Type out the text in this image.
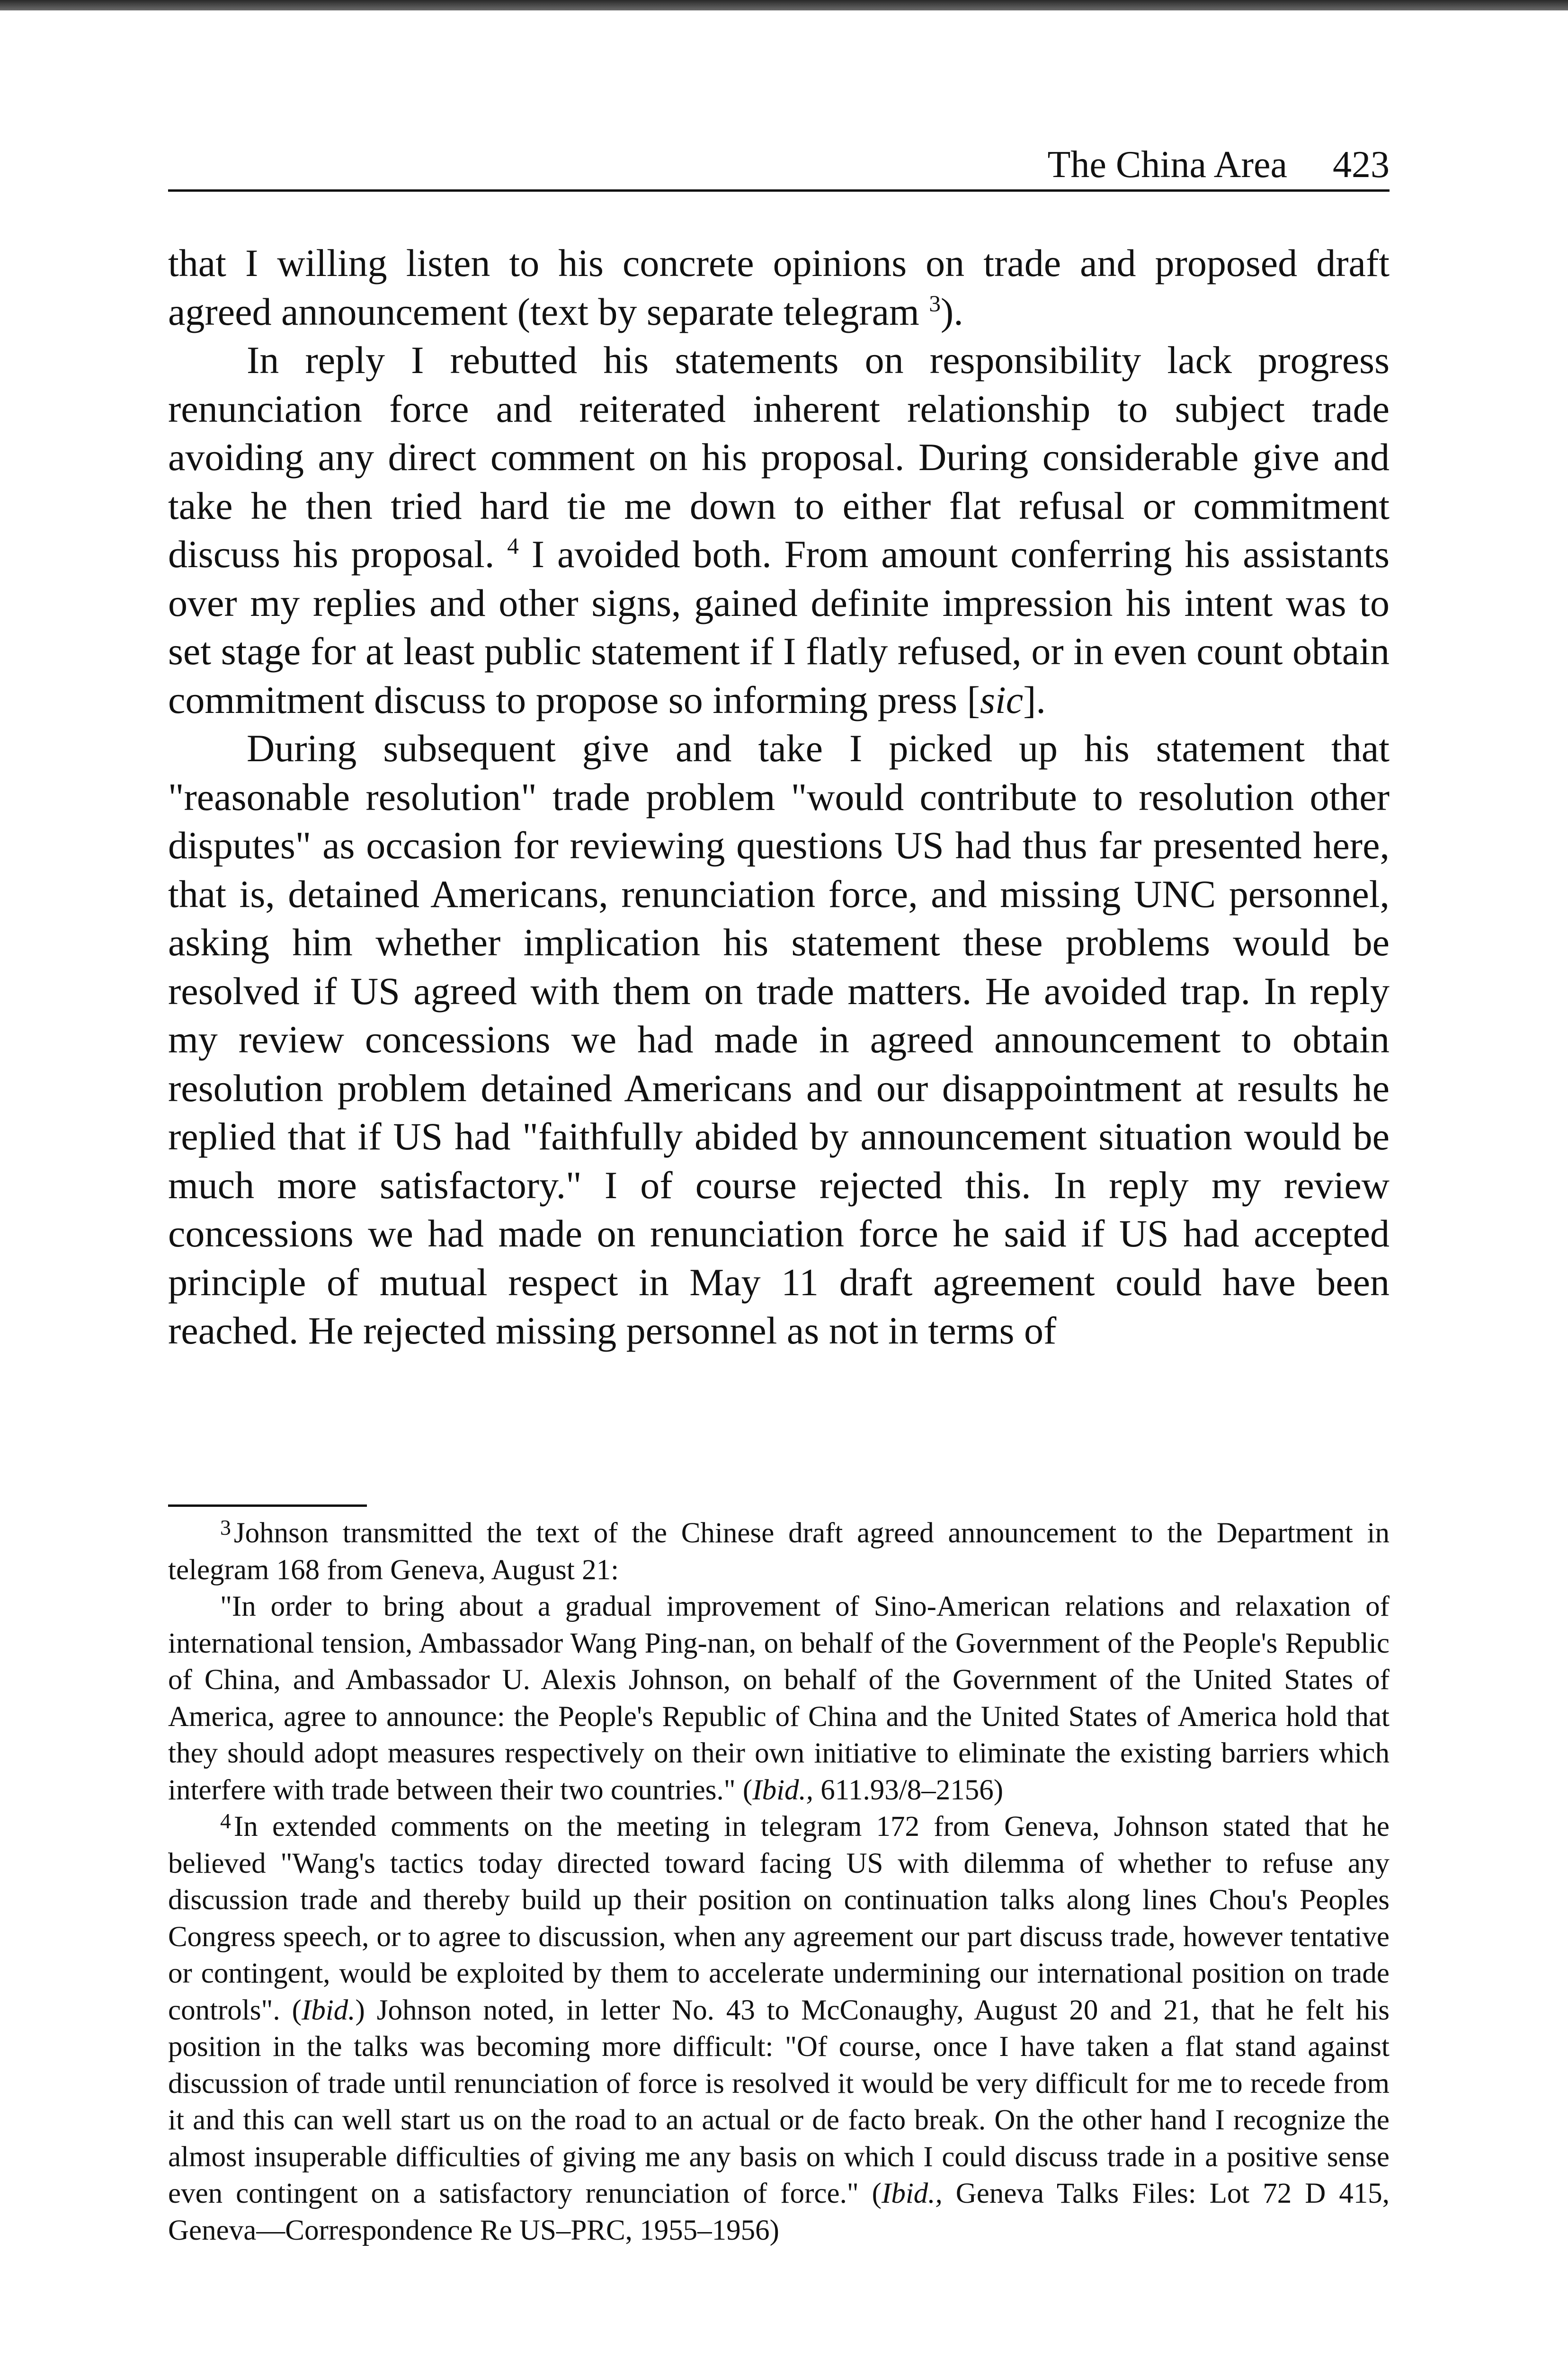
The China Area 423

that I willing listen to his concrete opinions on trade and proposed draft agreed announcement (text by separate telegram $^3$).

In reply I rebutted his statements on responsibility lack progress renunciation force and reiterated inherent relationship to subject trade avoiding any direct comment on his proposal. During considerable give and take he then tried hard tie me down to either flat refusal or commitment discuss his proposal. $^4$ I avoided both. From amount conferring his assistants over my replies and other signs, gained definite impression his intent was to set stage for at least public statement if I flatly refused, or in even count obtain commitment discuss to propose so informing press [sic].

During subsequent give and take I picked up his statement that "reasonable resolution" trade problem "would contribute to resolution other disputes" as occasion for reviewing questions US had thus far presented here, that is, detained Americans, renunciation force, and missing UNC personnel, asking him whether implication his statement these problems would be resolved if US agreed with them on trade matters. He avoided trap. In reply my review concessions we had made in agreed announcement to obtain resolution problem detained Americans and our disappointment at results he replied that if US had "faithfully abided by announcement situation would be much more satisfactory." I of course rejected this. In reply my review concessions we had made on renunciation force he said if US had accepted principle of mutual respect in May 11 draft agreement could have been reached. He rejected missing personnel as not in terms of

$^3$Johnson transmitted the text of the Chinese draft agreed announcement to the Department in telegram 168 from Geneva, August 21:

"In order to bring about a gradual improvement of Sino-American relations and relaxation of international tension, Ambassador Wang Ping-nan, on behalf of the Government of the People's Republic of China, and Ambassador U. Alexis Johnson, on behalf of the Government of the United States of America, agree to announce: the People's Republic of China and the United States of America hold that they should adopt measures respectively on their own initiative to eliminate the existing barriers which interfere with trade between their two countries." (Ibid., 611.93/8–2156)

$^4$In extended comments on the meeting in telegram 172 from Geneva, Johnson stated that he believed "Wang's tactics today directed toward facing US with dilemma of whether to refuse any discussion trade and thereby build up their position on continuation talks along lines Chou's Peoples Congress speech, or to agree to discussion, when any agreement our part discuss trade, however tentative or contingent, would be exploited by them to accelerate undermining our international position on trade controls". (Ibid.) Johnson noted, in letter No. 43 to McConaughy, August 20 and 21, that he felt his position in the talks was becoming more difficult: "Of course, once I have taken a flat stand against discussion of trade until renunciation of force is resolved it would be very difficult for me to recede from it and this can well start us on the road to an actual or de facto break. On the other hand I recognize the almost insuperable difficulties of giving me any basis on which I could discuss trade in a positive sense even contingent on a satisfactory renunciation of force." (Ibid., Geneva Talks Files: Lot 72 D 415, Geneva—Correspondence Re US–PRC, 1955–1956)
